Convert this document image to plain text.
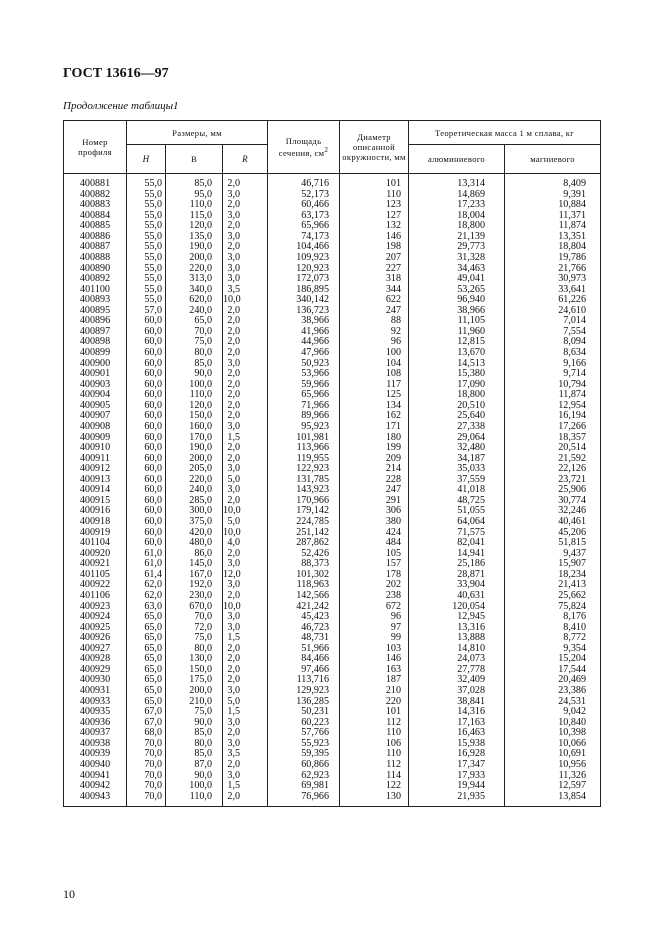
ГОСТ 13616—97
Продолжение таблицы1
Номер профиля	Размеры, мм			Площадь сечения, $см^2$	Диаметр описанной окружности, мм	Теоретическая масса 1 м сплава, кг	
	H	B	R			алюминиевого	магниевого
400881	55,0	85,0	2,0	46,716	101	13,314	8,409
400882	55,0	95,0	3,0	52,173	110	14,869	9,391
400883	55,0	110,0	2,0	60,466	123	17,233	10,884
400884	55,0	115,0	3,0	63,173	127	18,004	11,371
400885	55,0	120,0	2,0	65,966	132	18,800	11,874
400886	55,0	135,0	3,0	74,173	146	21,139	13,351
400887	55,0	190,0	2,0	104,466	198	29,773	18,804
400888	55,0	200,0	3,0	109,923	207	31,328	19,786
400890	55,0	220,0	3,0	120,923	227	34,463	21,766
400892	55,0	313,0	3,0	172,073	318	49,041	30,973
401100	55,0	340,0	3,5	186,895	344	53,265	33,641
400893	55,0	620,0	10,0	340,142	622	96,940	61,226
400895	57,0	240,0	2,0	136,723	247	38,966	24,610
400896	60,0	65,0	2,0	38,966	88	11,105	7,014
400897	60,0	70,0	2,0	41,966	92	11,960	7,554
400898	60,0	75,0	2,0	44,966	96	12,815	8,094
400899	60,0	80,0	2,0	47,966	100	13,670	8,634
400900	60,0	85,0	3,0	50,923	104	14,513	9,166
400901	60,0	90,0	2,0	53,966	108	15,380	9,714
400903	60,0	100,0	2,0	59,966	117	17,090	10,794
400904	60,0	110,0	2,0	65,966	125	18,800	11,874
400905	60,0	120,0	2,0	71,966	134	20,510	12,954
400907	60,0	150,0	2,0	89,966	162	25,640	16,194
400908	60,0	160,0	3,0	95,923	171	27,338	17,266
400909	60,0	170,0	1,5	101,981	180	29,064	18,357
400910	60,0	190,0	2,0	113,966	199	32,480	20,514
400911	60,0	200,0	2,0	119,955	209	34,187	21,592
400912	60,0	205,0	3,0	122,923	214	35,033	22,126
400913	60,0	220,0	5,0	131,785	228	37,559	23,721
400914	60,0	240,0	3,0	143,923	247	41,018	25,906
400915	60,0	285,0	2,0	170,966	291	48,725	30,774
400916	60,0	300,0	10,0	179,142	306	51,055	32,246
400918	60,0	375,0	5,0	224,785	380	64,064	40,461
400919	60,0	420,0	10,0	251,142	424	71,575	45,206
401104	60,0	480,0	4,0	287,862	484	82,041	51,815
400920	61,0	86,0	2,0	52,426	105	14,941	9,437
400921	61,0	145,0	3,0	88,373	157	25,186	15,907
401105	61,4	167,0	12,0	101,302	178	28,871	18,234
400922	62,0	192,0	3,0	118,963	202	33,904	21,413
401106	62,0	230,0	2,0	142,566	238	40,631	25,662
400923	63,0	670,0	10,0	421,242	672	120,054	75,824
400924	65,0	70,0	3,0	45,423	96	12,945	8,176
400925	65,0	72,0	3,0	46,723	97	13,316	8,410
400926	65,0	75,0	1,5	48,731	99	13,888	8,772
400927	65,0	80,0	2,0	51,966	103	14,810	9,354
400928	65,0	130,0	2,0	84,466	146	24,073	15,204
400929	65,0	150,0	2,0	97,466	163	27,778	17,544
400930	65,0	175,0	2,0	113,716	187	32,409	20,469
400931	65,0	200,0	3,0	129,923	210	37,028	23,386
400933	65,0	210,0	5,0	136,285	220	38,841	24,531
400935	67,0	75,0	1,5	50,231	101	14,316	9,042
400936	67,0	90,0	3,0	60,223	112	17,163	10,840
400937	68,0	85,0	2,0	57,766	110	16,463	10,398
400938	70,0	80,0	3,0	55,923	106	15,938	10,066
400939	70,0	85,0	3,5	59,395	110	16,928	10,691
400940	70,0	87,0	2,0	60,866	112	17,347	10,956
400941	70,0	90,0	3,0	62,923	114	17,933	11,326
400942	70,0	100,0	1,5	69,981	122	19,944	12,597
400943	70,0	110,0	2,0	76,966	130	21,935	13,854
10
